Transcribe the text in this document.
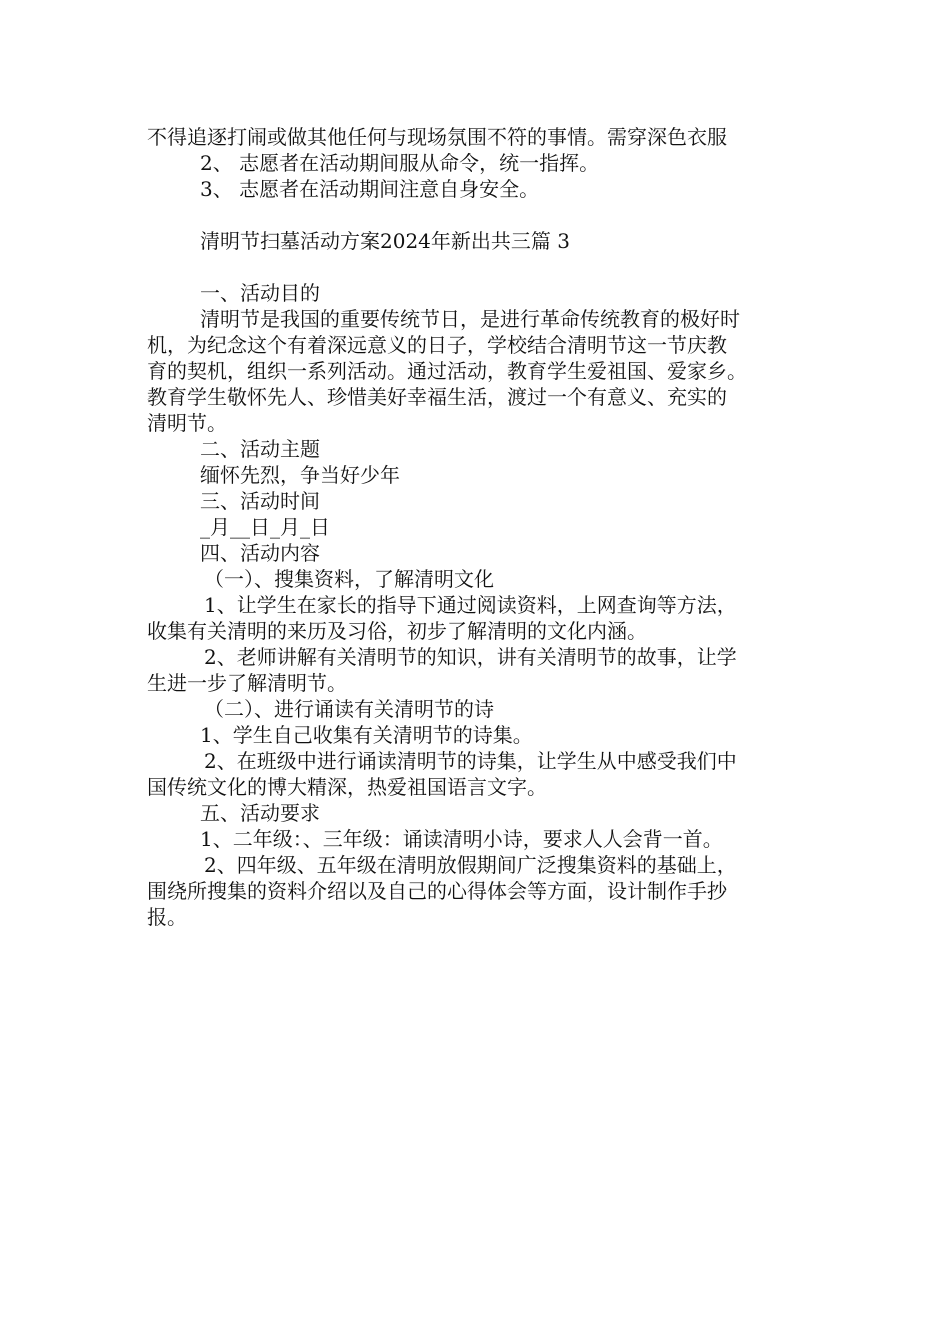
不得追逐打闹或做其他任何与现场氛围不符的事情。需穿深色衣服
2、 志愿者在活动期间服从命令，统一指挥。
3、 志愿者在活动期间注意自身安全。
清明节扫墓活动方案2024年新出共三篇 3
一、活动目的
清明节是我国的重要传统节日，是进行革命传统教育的极好时
机，为纪念这个有着深远意义的日子，学校结合清明节这一节庆教
育的契机，组织一系列活动。通过活动，教育学生爱祖国、爱家乡。
教育学生敬怀先人、珍惜美好幸福生活，渡过一个有意义、充实的
清明节。
二、活动主题
缅怀先烈，争当好少年
三、活动时间
_月__日_月_日
四、活动内容
（一）、搜集资料，了解清明文化
1、让学生在家长的指导下通过阅读资料，上网查询等方法，
收集有关清明的来历及习俗，初步了解清明的文化内涵。
2、老师讲解有关清明节的知识，讲有关清明节的故事，让学
生进一步了解清明节。
（二）、进行诵读有关清明节的诗
1、学生自己收集有关清明节的诗集。
2、在班级中进行诵读清明节的诗集，让学生从中感受我们中
国传统文化的博大精深，热爱祖国语言文字。
五、活动要求
1、二年级：、三年级：诵读清明小诗，要求人人会背一首。
2、四年级、五年级在清明放假期间广泛搜集资料的基础上，
围绕所搜集的资料介绍以及自己的心得体会等方面，设计制作手抄
报。
